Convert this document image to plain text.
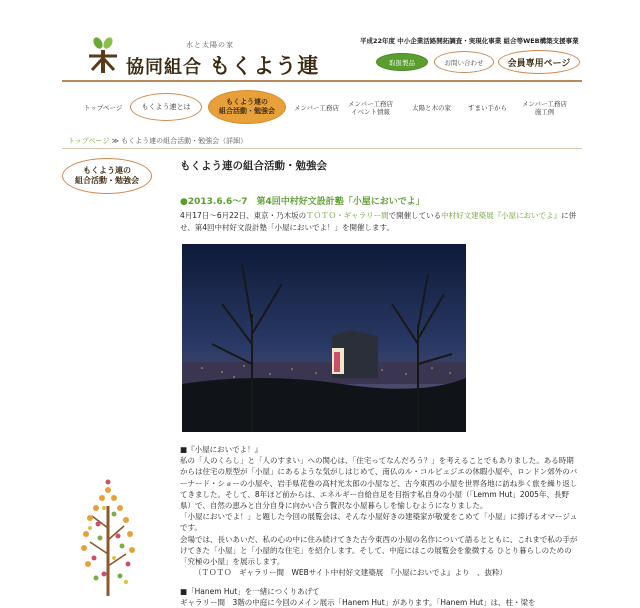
水と太陽の家
協同組合 もくよう連
平成22年度 中小企業活路開拓調査・実現化事業 組合等WEB構築支援事業
取扱製品	お問い合わせ	会員専用ページ
トップページ	もくよう連とは
もくよう連の
組合活動・勉強会	メンバー工務店 メンバー工務店
イベント情報
太陽と木の家	すまい手から メンバー工務店
施工例
トップページ ≫ もくよう連の組合活動・勉強会（詳細）
もくよう連の
組合活動・勉強会
もくよう連の組合活動・勉強会
●2013.6.6〜7　第4回中村好文設計塾「小屋においでよ」
4月17日〜6月22日、東京・乃木坂のＴＯＴＯ・ギャラリー間で開催している中村好文建築展『小屋においでよ』に併せ、第4回中村好文設計塾「小屋においでよ！」を開催します。

■『小屋においでよ！』

私の「人のくらし」と「人のすまい」への関心は、「住宅ってなんだろう？」を考えることでもありました。ある時期からは住宅の原型が「小屋」にあるような気がしはじめて、南仏のル・コルビュジエの休暇小屋や、ロンドン郊外のバーナード・ショーの小屋や、岩手県花巻の高村光太郎の小屋など、古今東西の小屋を世界各地に訪ね歩く旅を繰り返してきました。そして、8年ほど前からは、エネルギー自給自足を目指す私自身の小屋（「Lemm Hut」2005年、長野県）で、自然の恵みと自分自身に向かい合う贅沢な小屋暮らしを愉しむようになりました。

「小屋においでよ！」と題した今回の展覧会は、そんな小屋好きの建築家が敬愛をこめて「小屋」に捧げるオマージュです。

会場では、長いあいだ、私の心の中に住み続けてきた古今東西の小屋の名作について語るとともに、これまで私の手がけてきた「小屋」と「小屋的な住宅」を紹介します。そして、中庭にはこの展覧会を象徴する ひとり暮らしのための「究極の小屋」を展示します。

（ＴＯＴＯ　ギャラリー間　WEBサイト中村好文建築展　『小屋においでよ』より　、抜粋）

■「Hanem Hut」を一緒につくりあげて

ギャラリー間　3階の中庭に今回のメイン展示「Hanem Hut」があります。「Hanem Hut」は、柱・梁を
